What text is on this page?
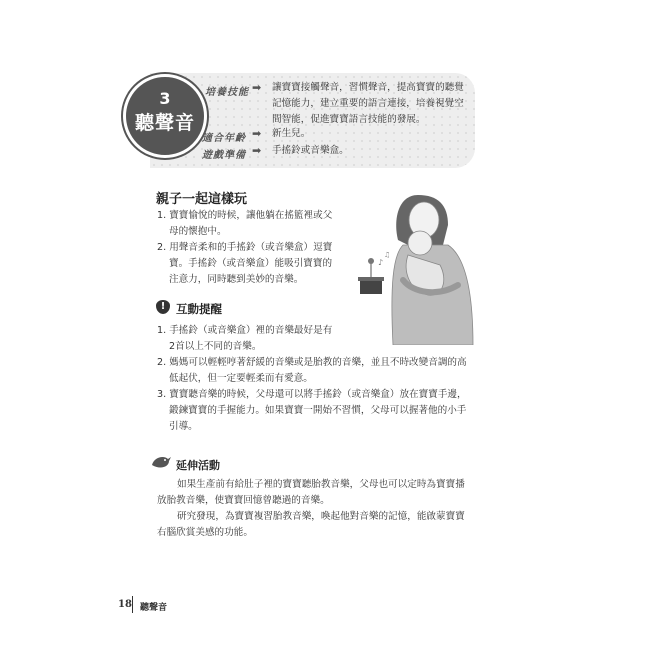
3
聽聲音
培養技能 ➡ 讓寶寶接觸聲音，習慣聲音，提高寶寶的聽覺
記憶能力，建立重要的語言連接，培養視覺空
間智能，促進寶寶語言技能的發展。
適合年齡 ➡ 新生兒。
遊戲準備 ➡ 手搖鈴或音樂盒。
親子一起這樣玩
1. 寶寶愉悅的時候，讓他躺在搖籃裡或父
母的懷抱中。
2. 用聲音柔和的手搖鈴（或音樂盒）逗寶
寶。手搖鈴（或音樂盒）能吸引寶寶的
注意力，同時聽到美妙的音樂。
♪
♫
! 互動提醒
1. 手搖鈴（或音樂盒）裡的音樂最好是有
2首以上不同的音樂。
2. 媽媽可以輕輕哼著舒緩的音樂或是胎教的音樂，並且不時改變音調的高
低起伏，但一定要輕柔而有愛意。
3. 寶寶聽音樂的時候，父母還可以將手搖鈴（或音樂盒）放在寶寶手邊，
鍛鍊寶寶的手握能力。如果寶寶一開始不習慣，父母可以握著他的小手
引導。
延伸活動
如果生產前有給肚子裡的寶寶聽胎教音樂，父母也可以定時為寶寶播
放胎教音樂，使寶寶回憶曾聽過的音樂。
研究發現，為寶寶複習胎教音樂，喚起他對音樂的記憶，能啟蒙寶寶
右腦欣賞美感的功能。
18 聽聲音
